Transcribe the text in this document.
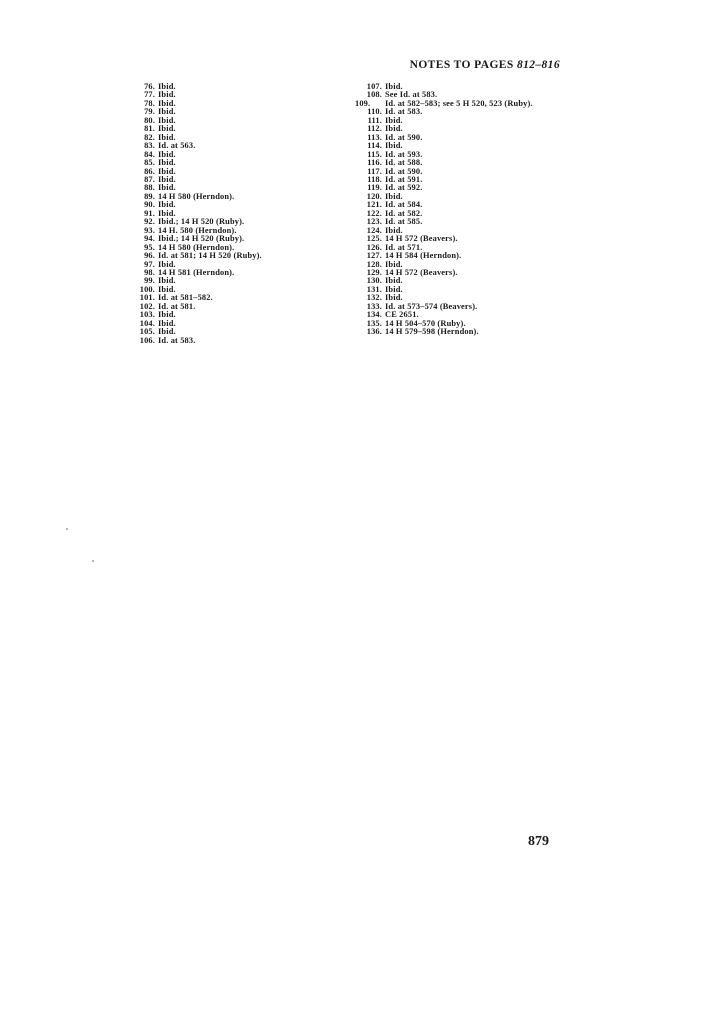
NOTES TO PAGES 812–816
76. Ibid.
77. Ibid.
78. Ibid.
79. Ibid.
80. Ibid.
81. Ibid.
82. Ibid.
83. Id. at 563.
84. Ibid.
85. Ibid.
86. Ibid.
87. Ibid.
88. Ibid.
89. 14 H 580 (Herndon).
90. Ibid.
91. Ibid.
92. Ibid.; 14 H 520 (Ruby).
93. 14 H. 580 (Herndon).
94. Ibid.; 14 H 520 (Ruby).
95. 14 H 580 (Herndon).
96. Id. at 581; 14 H 520 (Ruby).
97. Ibid.
98. 14 H 581 (Herndon).
99. Ibid.
100. Ibid.
101. Id. at 581–582.
102. Id. at 581.
103. Ibid.
104. Ibid.
105. Ibid.
106. Id. at 583.
107. Ibid.
108. See Id. at 583.
109. Id. at 582–583; see 5 H 520, 523 (Ruby).
110. Id. at 583.
111. Ibid.
112. Ibid.
113. Id. at 590.
114. Ibid.
115. Id. at 593.
116. Id. at 588.
117. Id. at 590.
118. Id. at 591.
119. Id. at 592.
120. Ibid.
121. Id. at 584.
122. Id. at 582.
123. Id. at 585.
124. Ibid.
125. 14 H 572 (Beavers).
126. Id. at 571.
127. 14 H 584 (Herndon).
128. Ibid.
129. 14 H 572 (Beavers).
130. Ibid.
131. Ibid.
132. Ibid.
133. Id. at 573–574 (Beavers).
134. CE 2651.
135. 14 H 504–570 (Ruby).
136. 14 H 579–598 (Herndon).
879
